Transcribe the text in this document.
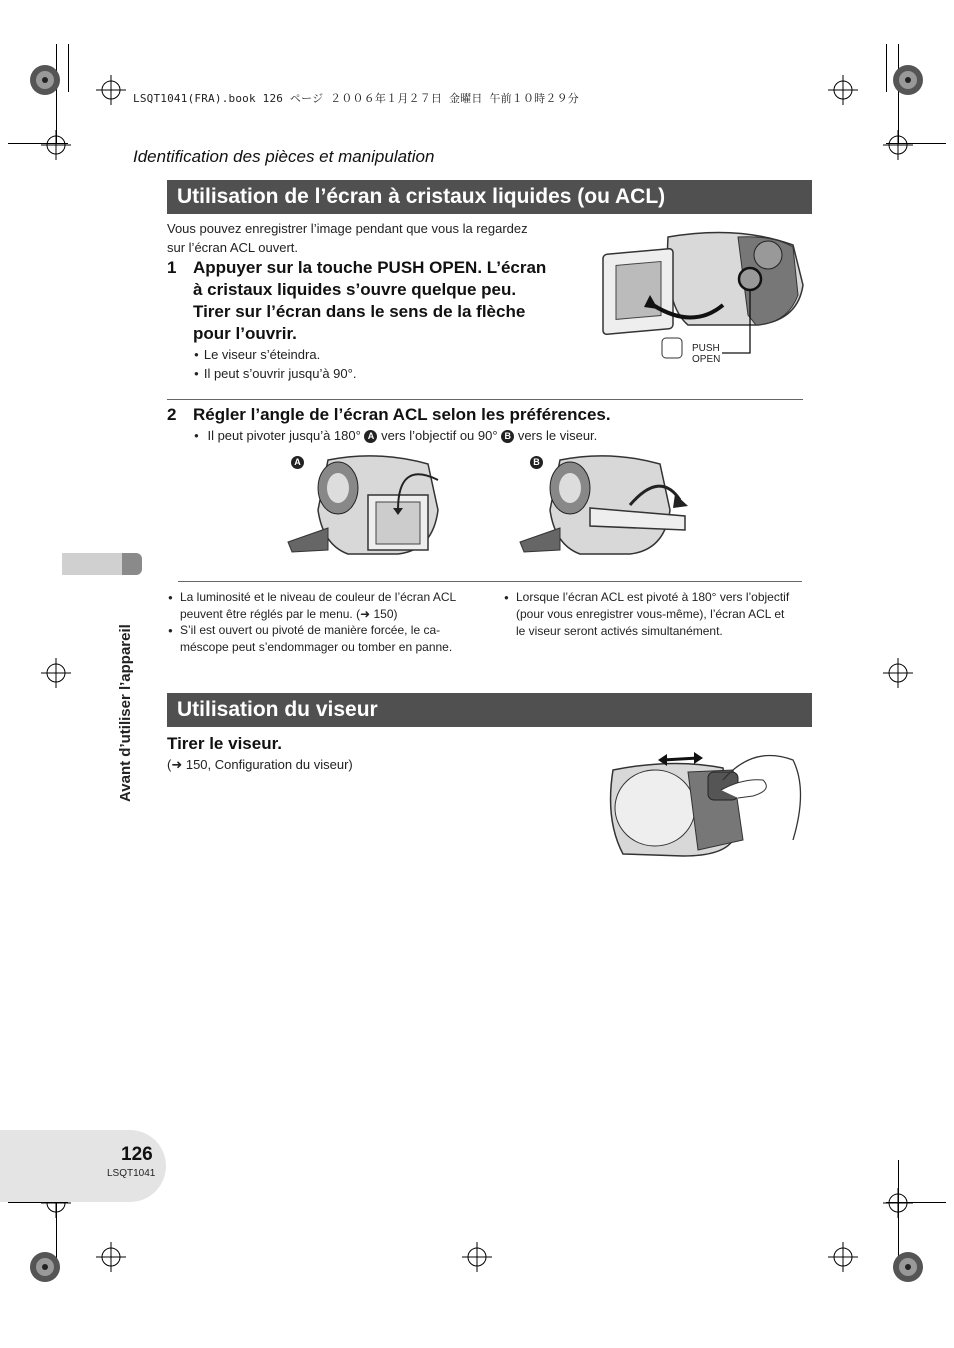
LSQT1041(FRA).book 126 ページ ２００６年１月２７日 金曜日 午前１０時２９分
Identification des pièces et manipulation
Avant d’utiliser l’appareil
Utilisation de l’écran à cristaux liquides (ou ACL)
Vous pouvez enregistrer l’image pendant que vous la regardez
sur l’écran ACL ouvert.
1 Appuyer sur la touche PUSH OPEN. L’écran
à cristaux liquides s’ouvre quelque peu.
Tirer sur l’écran dans le sens de la flèche
pour l’ouvrir.
● Le viseur s’éteindra.
● Il peut s’ouvrir jusqu’à 90°.
PUSH
OPEN
2 Régler l’angle de l’écran ACL selon les préférences.
● Il peut pivoter jusqu’à 180° A vers l’objectif ou 90° B vers le viseur.
A	B
● La luminosité et le niveau de couleur de l’écran ACL
peuvent être réglés par le menu. (➜ 150)
● S’il est ouvert ou pivoté de manière forcée, le ca-
méscope peut s’endommager ou tomber en panne.
● Lorsque l’écran ACL est pivoté à 180° vers l’objectif
(pour vous enregistrer vous-même), l’écran ACL et
le viseur seront activés simultanément.
Utilisation du viseur
Tirer le viseur.
(➜ 150, Configuration du viseur)
126
LSQT1041
